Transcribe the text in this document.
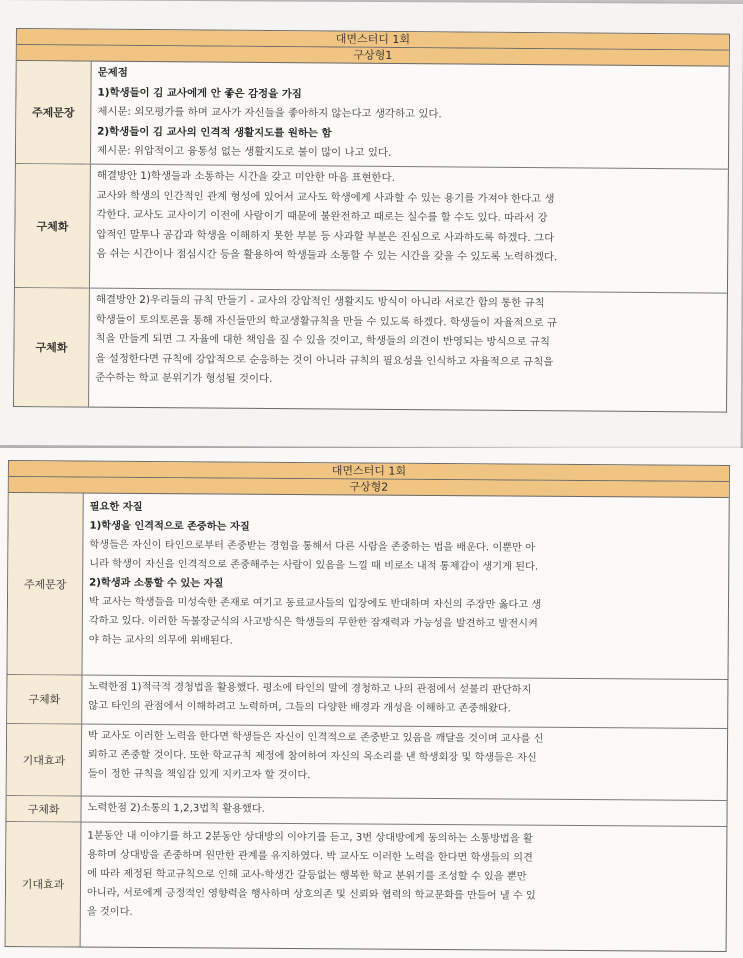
대면스터디 1회
구상형1
주제문장

문제점

1)학생들이 김 교사에게 안 좋은 감정을 가짐

제시문: 외모평가를 하며 교사가 자신들을 좋아하지 않는다고 생각하고 있다.

2)학생들이 김 교사의 인격적 생활지도를 원하는 함

제시문: 위압적이고 융통성 없는 생활지도로 불이 많이 나고 있다.

구체화

해결방안 1)학생들과 소통하는 시간을 갖고 미안한 마음 표현한다.

교사와 학생의 인간적인 관계 형성에 있어서 교사도 학생에게 사과할 수 있는 용기를 가져야 한다고 생

각한다. 교사도 교사이기 이전에 사람이기 때문에 불완전하고 때로는 실수를 할 수도 있다. 따라서 강

압적인 말투나 공감과 학생을 이해하지 못한 부분 등 사과할 부분은 진심으로 사과하도록 하겠다. 그다

음 쉬는 시간이나 점심시간 등을 활용하여 학생들과 소통할 수 있는 시간을 갖을 수 있도록 노력하겠다.

구체화

해결방안 2)우리들의 규칙 만들기 - 교사의 강압적인 생활지도 방식이 아니라 서로간 합의 통한 규칙

학생들이 토의토론을 통해 자신들만의 학교생활규칙을 만들 수 있도록 하겠다. 학생들이 자율적으로 규

칙을 만들게 되면 그 자율에 대한 책임을 질 수 있을 것이고, 학생들의 의견이 반영되는 방식으로 규칙

을 설정한다면 규칙에 강압적으로 순응하는 것이 아니라 규칙의 필요성을 인식하고 자율적으로 규칙을

준수하는 학교 분위기가 형성될 것이다.

대면스터디 1회
구상형2
주제문장

필요한 자질

1)학생을 인격적으로 존중하는 자질

학생들은 자신이 타인으로부터 존중받는 경험을 통해서 다른 사람을 존중하는 법을 배운다. 이뿐만 아

니라 학생이 자신을 인격적으로 존중해주는 사람이 있음을 느낄 때 비로소 내적 통제감이 생기게 된다.

2)학생과 소통할 수 있는 자질

박 교사는 학생들을 미성숙한 존재로 여기고 동료교사들의 입장에도 반대하며 자신의 주장만 옳다고 생

각하고 있다. 이러한 독불장군식의 사고방식은 학생들의 무한한 잠재력과 가능성을 발견하고 발전시켜

야 하는 교사의 의무에 위배된다.

구체화

노력한점 1)적극적 경청법을 활용했다. 평소에 타인의 말에 경청하고 나의 관점에서 섣불리 판단하지

않고 타인의 관점에서 이해하려고 노력하며, 그들의 다양한 배경과 개성을 이해하고 존중해왔다.

기대효과

박 교사도 이러한 노력을 한다면 학생들은 자신이 인격적으로 존중받고 있음을 깨달을 것이며 교사를 신

뢰하고 존중할 것이다. 또한 학교규칙 제정에 참여하여 자신의 목소리를 낸 학생회장 및 학생들은 자신

들이 정한 규칙을 책임감 있게 지키고자 할 것이다.

구체화	노력한점 2)소통의 1,2,3법칙 활용했다.

기대효과

1분동안 내 이야기를 하고 2분동안 상대방의 이야기를 듣고, 3번 상대방에게 동의하는 소통방법을 활

용하며 상대방을 존중하며 원만한 관계를 유지하였다. 박 교사도 이러한 노력을 한다면 학생들의 의견

에 따라 제정된 학교규칙으로 인해 교사-학생간 갈등없는 행복한 학교 분위기를 조성할 수 있을 뿐만

아니라, 서로에게 긍정적인 영향력을 행사하며 상호의존 및 신뢰와 협력의 학교문화를 만들어 낼 수 있

을 것이다.
